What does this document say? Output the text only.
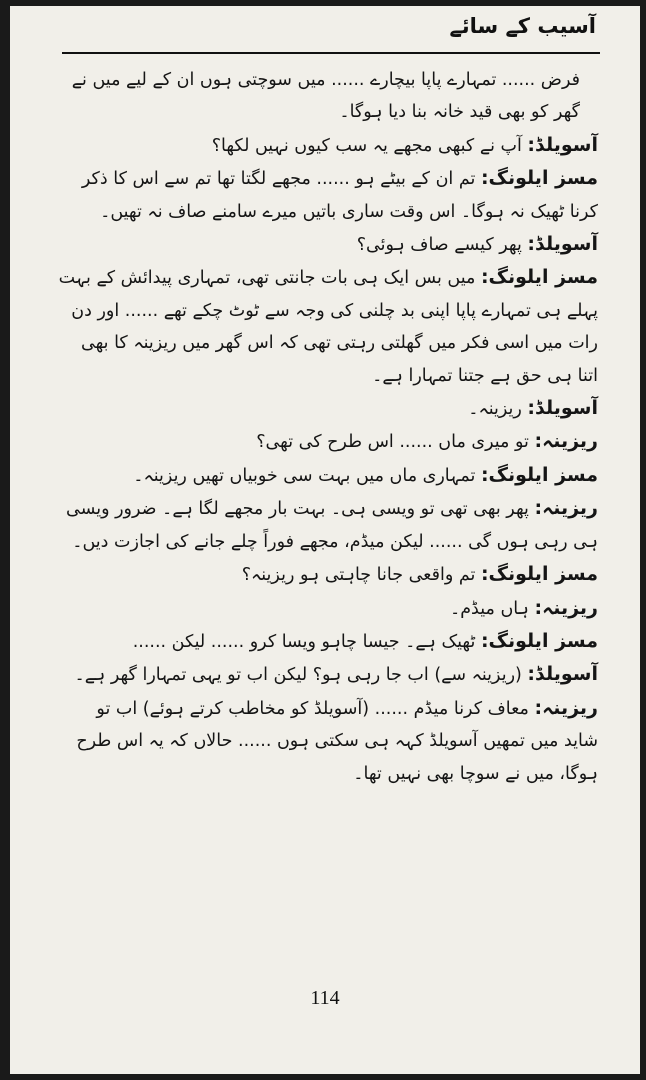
آسیب کے سائے

فرض ...... تمہارے پاپا بیچارے ...... میں سوچتی ہوں ان کے لیے میں نے گھر کو بھی قید خانہ بنا دیا ہوگا۔

آسویلڈ: آپ نے کبھی مجھے یہ سب کیوں نہیں لکھا؟

مسز ایلونگ: تم ان کے بیٹے ہو ...... مجھے لگتا تھا تم سے اس کا ذکر کرنا ٹھیک نہ ہوگا۔ اس وقت ساری باتیں میرے سامنے صاف نہ تھیں۔

آسویلڈ: پھر کیسے صاف ہوئی؟

مسز ایلونگ: میں بس ایک ہی بات جانتی تھی، تمہاری پیدائش کے بہت پہلے ہی تمہارے پاپا اپنی بد چلنی کی وجہ سے ٹوٹ چکے تھے ...... اور دن رات میں اسی فکر میں گھلتی رہتی تھی کہ اس گھر میں ریزینہ کا بھی اتنا ہی حق ہے جتنا تمہارا ہے۔

آسویلڈ: ریزینہ۔

ریزینہ: تو میری ماں ...... اس طرح کی تھی؟

مسز ایلونگ: تمہاری ماں میں بہت سی خوبیاں تھیں ریزینہ۔

ریزینہ: پھر بھی تھی تو ویسی ہی۔ بہت بار مجھے لگا ہے۔ ضرور ویسی ہی رہی ہوں گی ...... لیکن میڈم، مجھے فوراً چلے جانے کی اجازت دیں۔

مسز ایلونگ: تم واقعی جانا چاہتی ہو ریزینہ؟

ریزینہ: ہاں میڈم۔

مسز ایلونگ: ٹھیک ہے۔ جیسا چاہو ویسا کرو ...... لیکن ......

آسویلڈ: (ریزینہ سے) اب جا رہی ہو؟ لیکن اب تو یہی تمہارا گھر ہے۔

ریزینہ: معاف کرنا میڈم ...... (آسویلڈ کو مخاطب کرتے ہوئے) اب تو شاید میں تمھیں آسویلڈ کہہ ہی سکتی ہوں ...... حالاں کہ یہ اس طرح ہوگا، میں نے سوچا بھی نہیں تھا۔

114
